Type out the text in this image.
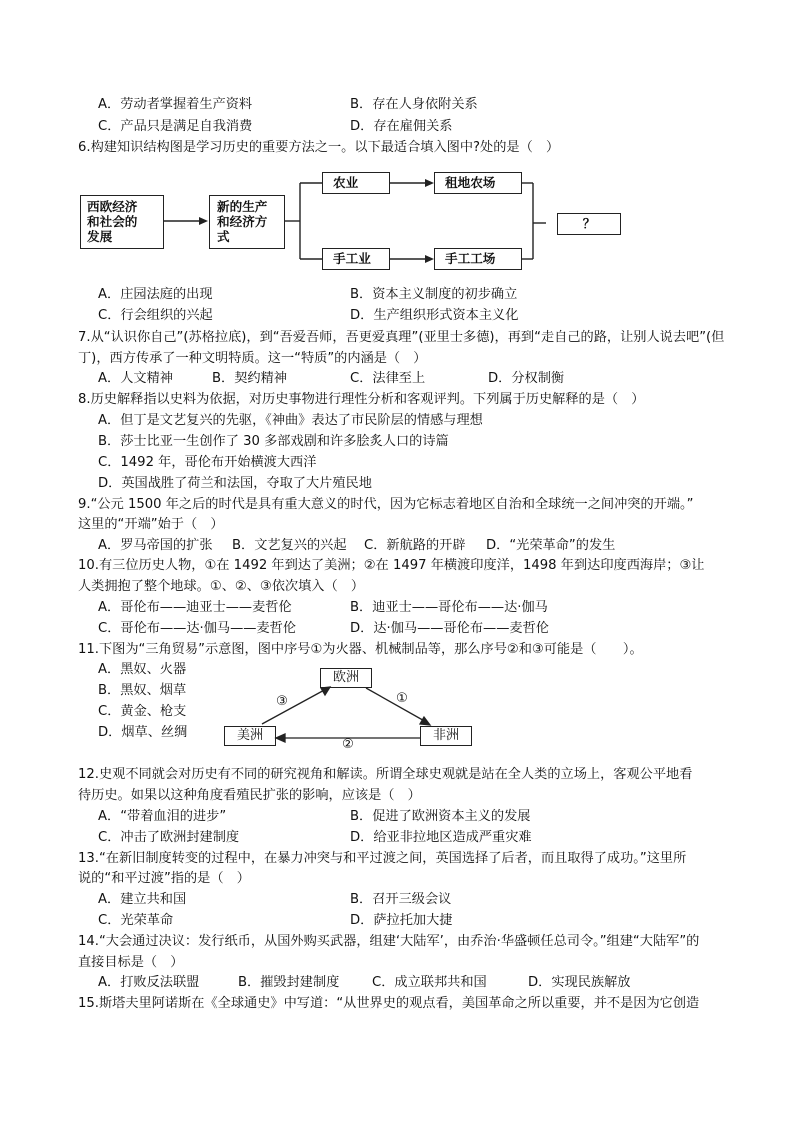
A．劳动者掌握着生产资料	B．存在人身依附关系
C．产品只是满足自我消费	D．存在雇佣关系
6.构建知识结构图是学习历史的重要方法之一。以下最适合填入图中?处的是（　）
西欧经济
和社会的
发展
新的生产
和经济方
式
农业	租地农场
手工业	手工工场
？
A．庄园法庭的出现	B．资本主义制度的初步确立
C．行会组织的兴起	D．生产组织形式资本主义化
7.从“认识你自己”(苏格拉底)，到“吾爱吾师，吾更爱真理”(亚里士多德)，再到“走自己的路，让别人说去吧”(但
丁)，西方传承了一种文明特质。这一“特质”的内涵是（　）
A．人文精神	B．契约精神	C．法律至上	D．分权制衡
8.历史解释指以史料为依据，对历史事物进行理性分析和客观评判。下列属于历史解释的是（　）
A．但丁是文艺复兴的先驱，《神曲》表达了市民阶层的情感与理想
B．莎士比亚一生创作了 30 多部戏剧和许多脍炙人口的诗篇
C．1492 年，哥伦布开始横渡大西洋
D．英国战胜了荷兰和法国，夺取了大片殖民地
9.“公元 1500 年之后的时代是具有重大意义的时代，因为它标志着地区自治和全球统一之间冲突的开端。”
这里的“开端”始于（　）
A．罗马帝国的扩张 B．文艺复兴的兴起 C．新航路的开辟 D．“光荣革命”的发生
10.有三位历史人物，①在 1492 年到达了美洲；②在 1497 年横渡印度洋，1498 年到达印度西海岸；③让
人类拥抱了整个地球。①、②、③依次填入（　）
A．哥伦布——迪亚士——麦哲伦	B．迪亚士——哥伦布——达·伽马
C．哥伦布——达·伽马——麦哲伦	D．达·伽马——哥伦布——麦哲伦
11.下图为“三角贸易”示意图，图中序号①为火器、机械制品等，那么序号②和③可能是（　　）。
A．黑奴、火器
B．黑奴、烟草
C．黄金、枪支
D．烟草、丝绸
欧洲
美洲	非洲
③	①
②
12.史观不同就会对历史有不同的研究视角和解读。所谓全球史观就是站在全人类的立场上，客观公平地看
待历史。如果以这种角度看殖民扩张的影响，应该是（　）
A．“带着血泪的进步”	B．促进了欧洲资本主义的发展
C．冲击了欧洲封建制度	D．给亚非拉地区造成严重灾难
13.“在新旧制度转变的过程中，在暴力冲突与和平过渡之间，英国选择了后者，而且取得了成功。”这里所
说的“和平过渡”指的是（　）
A．建立共和国	B．召开三级会议
C．光荣革命	D．萨拉托加大捷
14.“大会通过决议：发行纸币，从国外购买武器，组建‘大陆军’，由乔治·华盛顿任总司令。”组建“大陆军”的
直接目标是（　）
A．打败反法联盟	B．摧毁封建制度 C．成立联邦共和国	D．实现民族解放
15.斯塔夫里阿诺斯在《全球通史》中写道：“从世界史的观点看，美国革命之所以重要，并不是因为它创造
